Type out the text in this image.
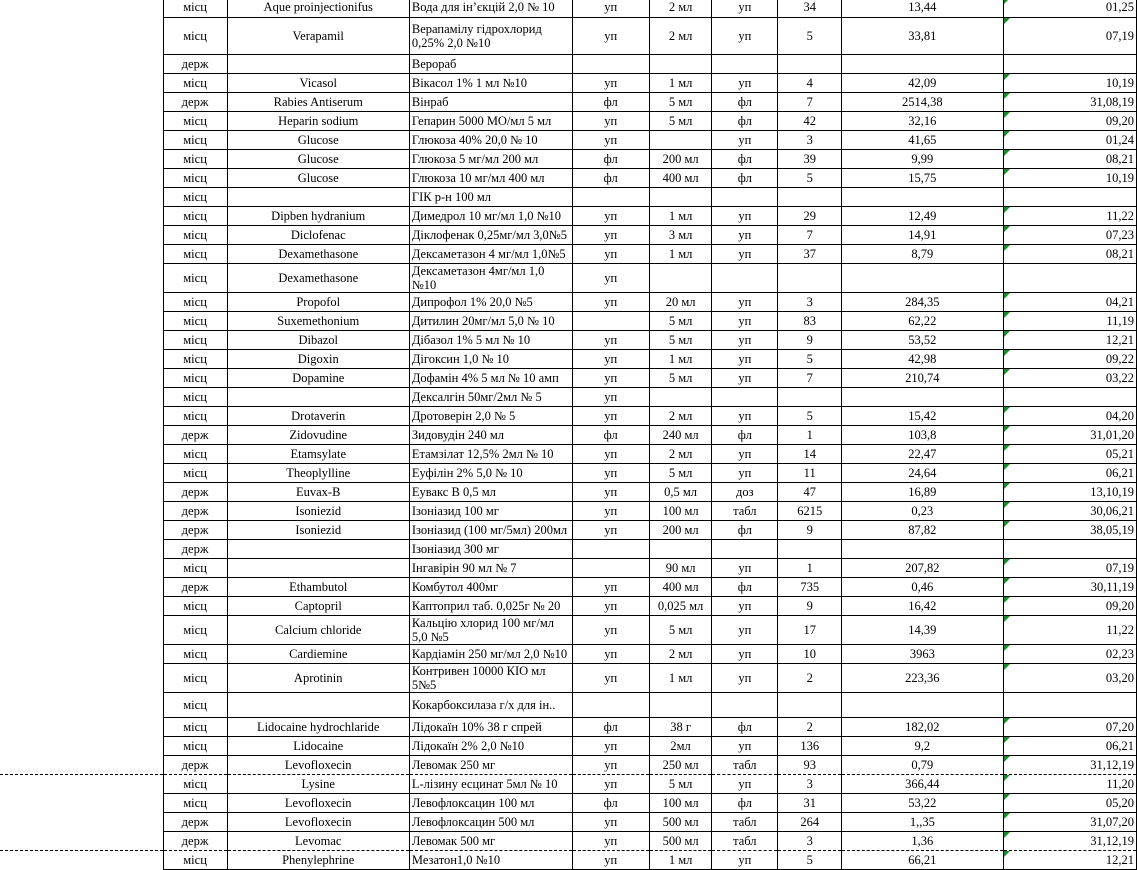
	місц	Aque proinjectionifus	Вода для ін’єкцій 2,0 № 10	уп	2 мл	уп	34	13,44	01,25
	місц	Verapamil	Верапамілу гідрохлорид 0,25% 2,0 №10	уп	2 мл	уп	5	33,81	07,19
	держ		Верораб						
	місц	Vicasol	Вікасол 1% 1 мл №10	уп	1 мл	уп	4	42,09	10,19
	держ	Rabies Antiserum	Вінраб	фл	5 мл	фл	7	2514,38	31,08,19
	місц	Heparin sodium	Гепарин 5000 МО/мл 5 мл	уп	5 мл	фл	42	32,16	09,20
	місц	Glucose	Глюкоза 40% 20,0 № 10	уп		уп	3	41,65	01,24
	місц	Glucose	Глюкоза 5 мг/мл 200 мл	фл	200 мл	фл	39	9,99	08,21
	місц	Glucose	Глюкоза 10 мг/мл 400 мл	фл	400 мл	фл	5	15,75	10,19
	місц		ГІК р-н 100 мл						
	місц	Dipben hydranium	Димедрол 10 мг/мл 1,0 №10	уп	1 мл	уп	29	12,49	11,22
	місц	Diclofenac	Діклофенак 0,25мг/мл 3,0№5	уп	3 мл	уп	7	14,91	07,23
	місц	Dexamethasone	Дексаметазон 4 мг/мл 1,0№5	уп	1 мл	уп	37	8,79	08,21
	місц	Dexamethasone	Дексаметазон 4мг/мл 1,0 №10	уп					
	місц	Propofol	Дипрофол 1% 20,0 №5	уп	20 мл	уп	3	284,35	04,21
	місц	Suxemethonium	Дитилин 20мг/мл 5,0 № 10		5 мл	уп	83	62,22	11,19
	місц	Dibazol	Дібазол 1% 5 мл № 10	уп	5 мл	уп	9	53,52	12,21
	місц	Digoxin	Дігоксин 1,0 № 10	уп	1 мл	уп	5	42,98	09,22
	місц	Dopamine	Дофамін 4% 5 мл № 10 амп	уп	5 мл	уп	7	210,74	03,22
	місц		Дексалгін 50мг/2мл № 5	уп					
	місц	Drotaverin	Дротоверін 2,0 № 5	уп	2 мл	уп	5	15,42	04,20
	держ	Zidovudine	Зидовудін 240 мл	фл	240 мл	фл	1	103,8	31,01,20
	місц	Etamsylate	Етамзілат 12,5% 2мл № 10	уп	2 мл	уп	14	22,47	05,21
	місц	Theoplylline	Еуфілін 2% 5,0 № 10	уп	5 мл	уп	11	24,64	06,21
	держ	Euvax-B	Еувакс В 0,5 мл	уп	0,5 мл	доз	47	16,89	13,10,19
	держ	Isoniezid	Ізоніазид 100 мг	уп	100 мл	табл	6215	0,23	30,06,21
	держ	Isoniezid	Ізоніазид (100 мг/5мл) 200мл	уп	200 мл	фл	9	87,82	38,05,19
	держ		Ізоніазид 300 мг						
	місц		Інгавірін 90 мл № 7		90 мл	уп	1	207,82	07,19
	держ	Ethambutol	Комбутол 400мг	уп	400 мл	фл	735	0,46	30,11,19
	місц	Captopril	Каптоприл таб. 0,025г № 20	уп	0,025 мл	уп	9	16,42	09,20
	місц	Calcium chloride	Кальцію хлорид 100 мг/мл 5,0 №5	уп	5 мл	уп	17	14,39	11,22
	місц	Cardiemine	Кардіамін 250 мг/мл 2,0 №10	уп	2 мл	уп	10	3963	02,23
	місц	Aprotinin	Контривен 10000 КІО мл 5№5	уп	1 мл	уп	2	223,36	03,20
	місц		Кокарбоксилаза г/х для ін..						
	місц	Lidocaine hydrochlaride	Лідокаїн 10% 38 г спрей	фл	38 г	фл	2	182,02	07,20
	місц	Lidocaine	Лідокаїн 2% 2,0 №10	уп	2мл	уп	136	9,2	06,21
	держ	Levofloxecin	Левомак 250 мг	уп	250 мл	табл	93	0,79	31,12,19
	місц	Lysine	L-лізину есцинат 5мл № 10	уп	5 мл	уп	3	366,44	11,20
	місц	Levofloxecin	Левофлоксацин 100 мл	фл	100 мл	фл	31	53,22	05,20
	держ	Levofloxecin	Левофлоксацин 500 мл	уп	500 мл	табл	264	1,,35	31,07,20
	держ	Levomac	Левомак 500 мг	уп	500 мл	табл	3	1,36	31,12,19
	місц	Phenylephrine	Мезатон1,0 №10	уп	1 мл	уп	5	66,21	12,21
